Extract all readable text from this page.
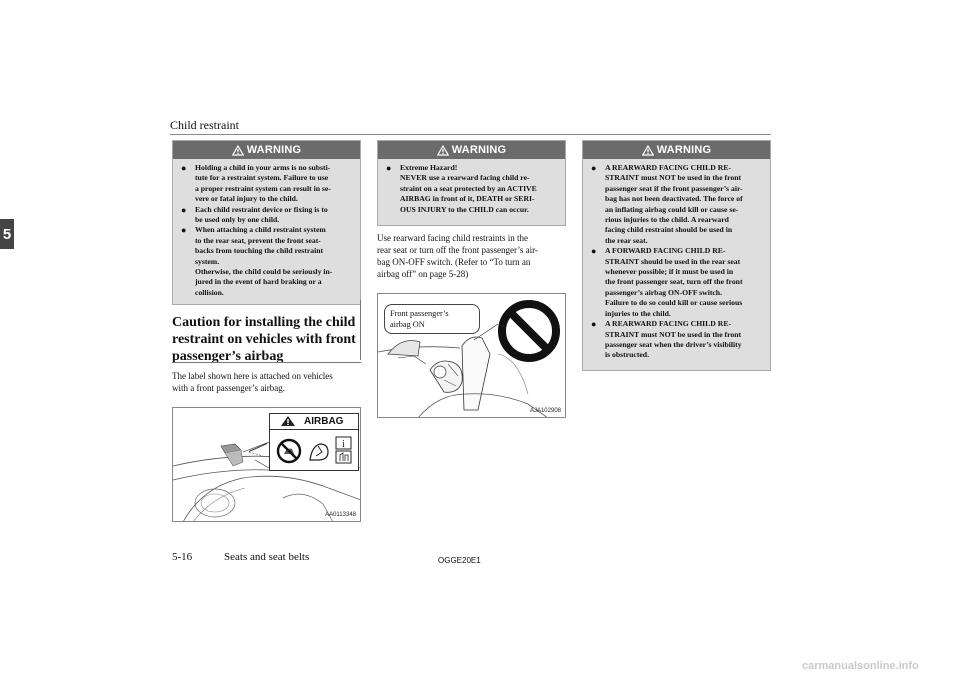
Child restraint
5
WARNING
● Holding a child in your arms is no substi-
tute for a restraint system. Failure to use
a proper restraint system can result in se-
vere or fatal injury to the child.
● Each child restraint device or fixing is to
be used only by one child.
● When attaching a child restraint system
to the rear seat, prevent the front seat-
backs from touching the child restraint
system.
Otherwise, the child could be seriously in-
jured in the event of hard braking or a
collision.
Caution for installing the child
restraint on vehicles with front
passenger’s airbag
The label shown here is attached on vehicles
with a front passenger’s airbag.
AIRBAG
i
AA0113348
WARNING
● Extreme Hazard!
NEVER use a rearward facing child re-
straint on a seat protected by an ACTIVE
AIRBAG in front of it, DEATH or SERI-
OUS INJURY to the CHILD can occur.
Use rearward facing child restraints in the
rear seat or turn off the front passenger’s air-
bag ON-OFF switch. (Refer to “To turn an
airbag off” on page 5-28)
Front passenger’s
airbag ON
AJA102908
WARNING
● A REARWARD FACING CHILD RE-
STRAINT must NOT be used in the front
passenger seat if the front passenger’s air-
bag has not been deactivated. The force of
an inflating airbag could kill or cause se-
rious injuries to the child. A rearward
facing child restraint should be used in
the rear seat.
● A FORWARD FACING CHILD RE-
STRAINT should be used in the rear seat
whenever possible; if it must be used in
the front passenger seat, turn off the front
passenger’s airbag ON-OFF switch.
Failure to do so could kill or cause serious
injuries to the child.
● A REARWARD FACING CHILD RE-
STRAINT must NOT be used in the front
passenger seat when the driver’s visibility
is obstructed.
5-16	Seats and seat belts	OGGE20E1
carmanualsonline.info
